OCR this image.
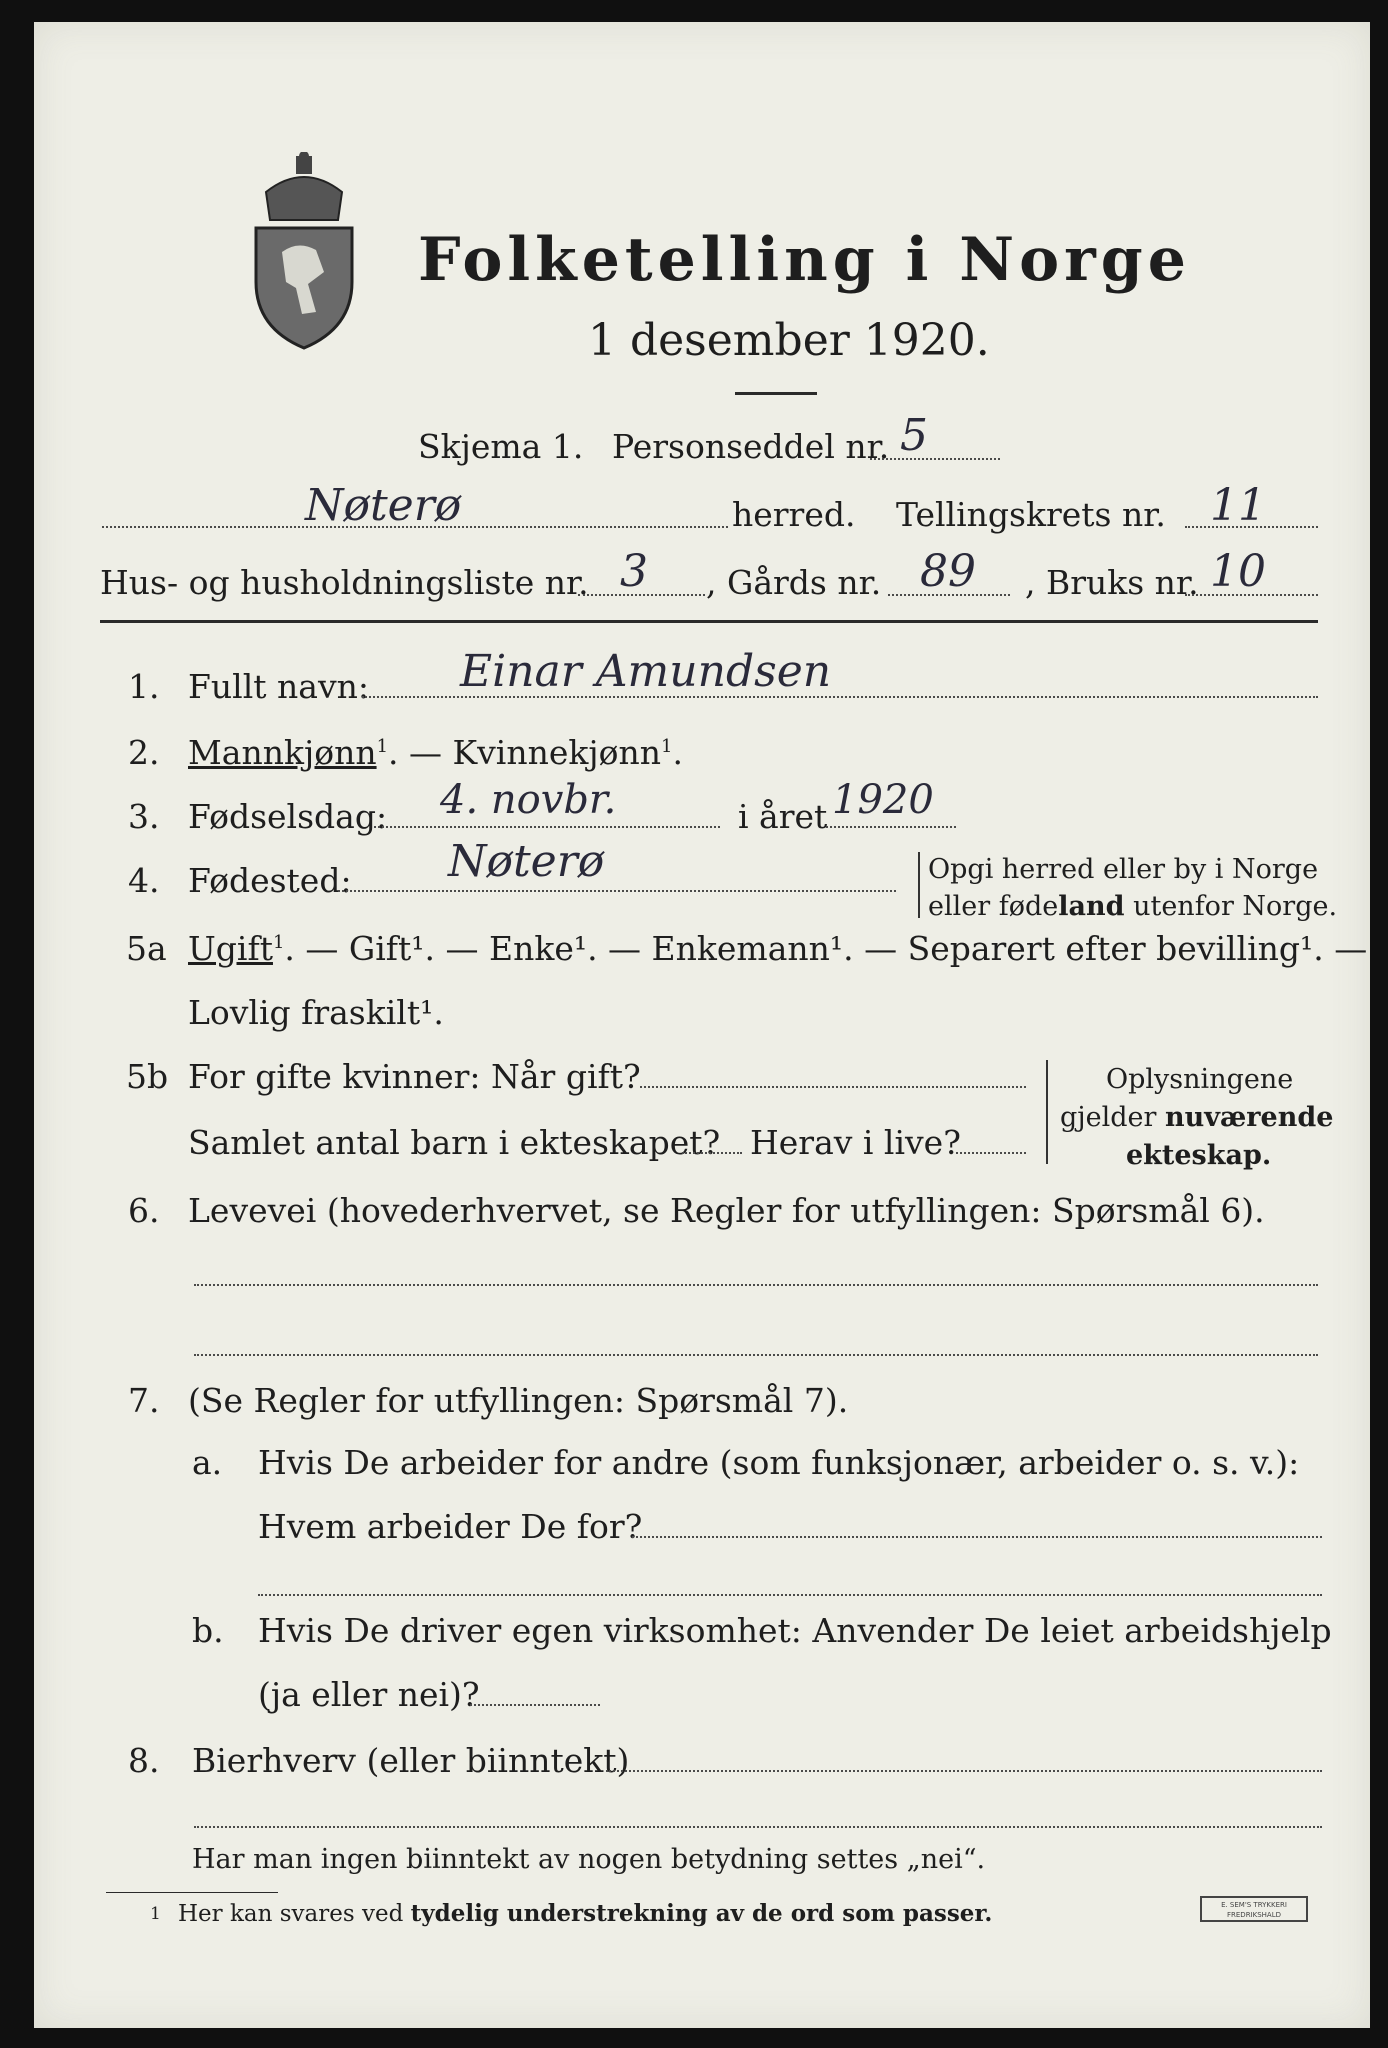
Folketelling i Norge
1 desember 1920.
Skjema 1. Personseddel nr. 5
Nøterø	herred. Tellingskrets nr. 11
Hus- og husholdningsliste nr. 3 , Gårds nr. 89 , Bruks nr. 10
1. Fullt navn: Einar Amundsen
2. Mannkjønn$^1$. — Kvinnekjønn$^1$.
3. Fødselsdag: 4. novbr.	i året 1920
4. Fødested: Nøterø	Opgi herred eller by i Norge
eller fødeland utenfor Norge.
5a Ugift$^1$. — Gift¹. — Enke¹. — Enkemann¹. — Separert efter bevilling¹. —
Lovlig fraskilt¹.
5b For gifte kvinner: Når gift?
Samlet antal barn i ekteskapet? Herav i live?
Oplysningene
gjelder nuværende
ekteskap.
6. Levevei (hovederhvervet, se Regler for utfyllingen: Spørsmål 6).
7. (Se Regler for utfyllingen: Spørsmål 7).
a. Hvis De arbeider for andre (som funksjonær, arbeider o. s. v.):
Hvem arbeider De for?
b. Hvis De driver egen virksomhet: Anvender De leiet arbeidshjelp
(ja eller nei)?
8. Bierhverv (eller biinntekt)
Har man ingen biinntekt av nogen betydning settes „nei“.
1 Her kan svares ved tydelig understrekning av de ord som passer.	E. SEM'S TRYKKERI
FREDRIKSHALD
